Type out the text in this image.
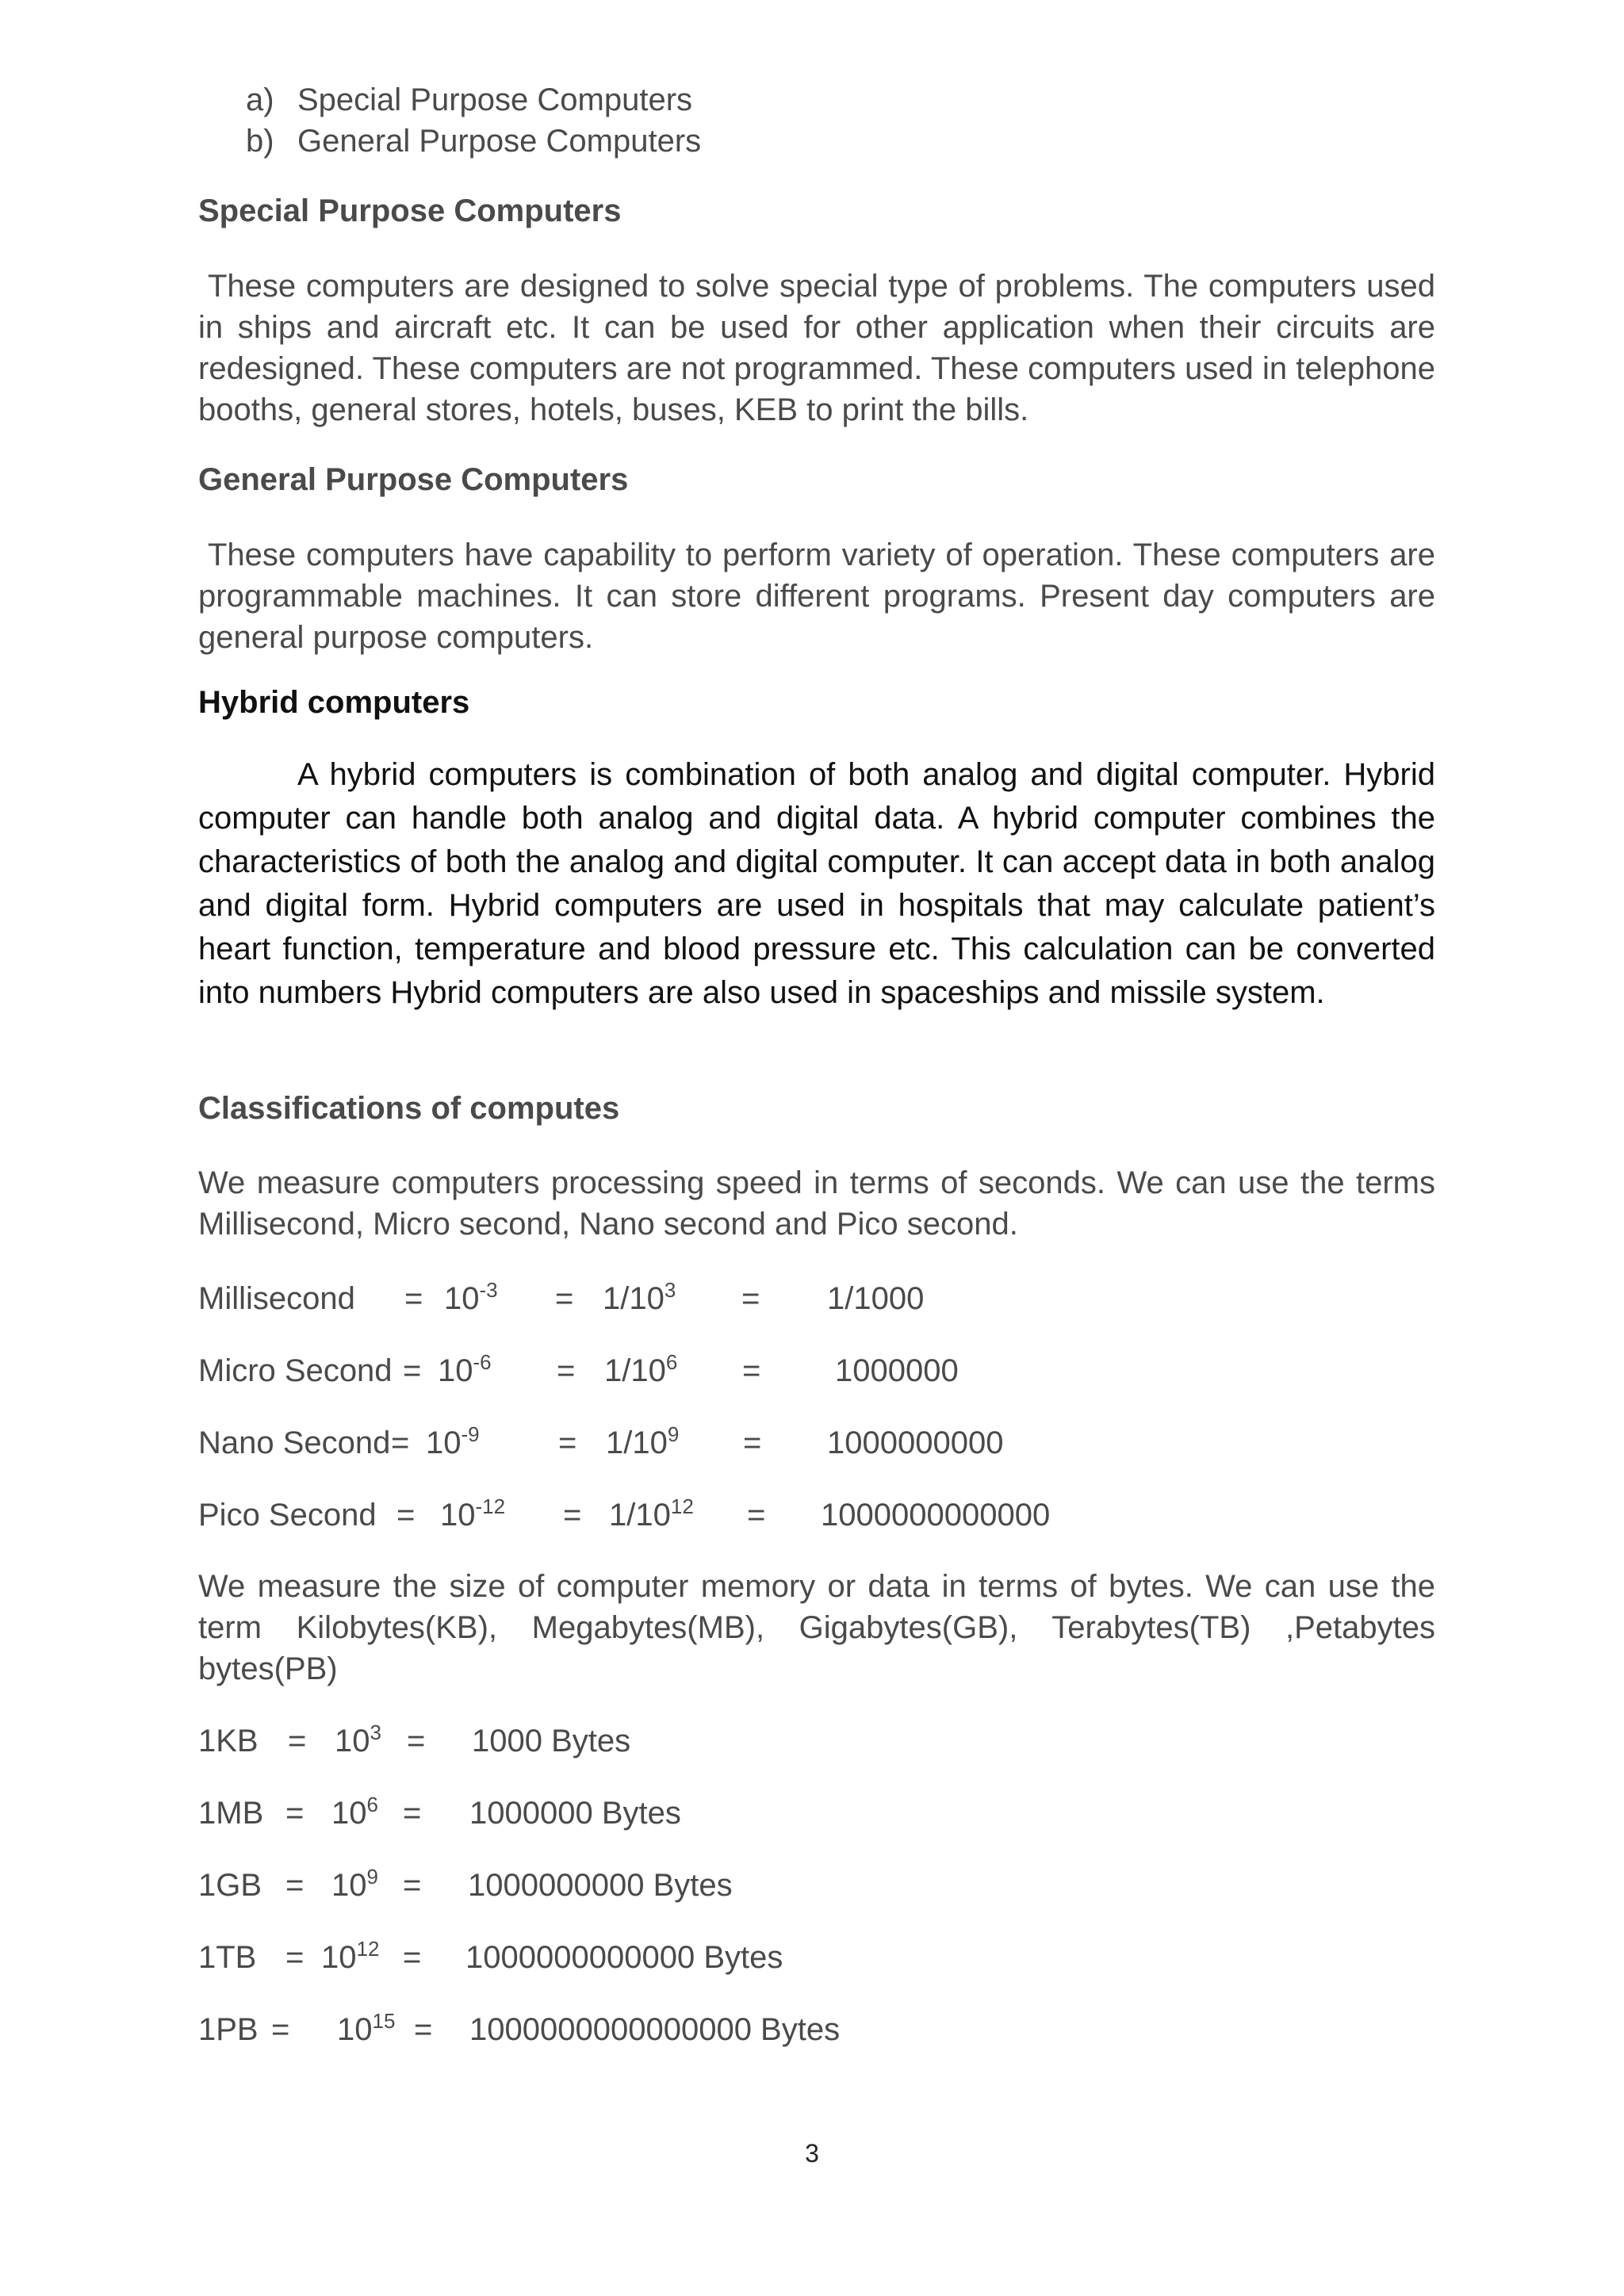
a) Special Purpose Computers
b) General Purpose Computers
Special Purpose Computers
These computers are designed to solve special type of problems. The computers used in ships and aircraft etc. It can be used for other application when their circuits are redesigned. These computers are not programmed. These computers used in telephone booths, general stores, hotels, buses, KEB to print the bills.
General Purpose Computers
These computers have capability to perform variety of operation. These computers are programmable machines. It can store different programs. Present day computers are general purpose computers.
Hybrid computers
A hybrid computers is combination of both analog and digital computer. Hybrid computer can handle both analog and digital data. A hybrid computer combines the characteristics of both the analog and digital computer. It can accept data in both analog and digital form. Hybrid computers are used in hospitals that may calculate patient’s heart function, temperature and blood pressure etc. This calculation can be converted into numbers Hybrid computers are also used in spaceships and missile system.
Classifications of computes
We measure computers processing speed in terms of seconds. We can use the terms Millisecond, Micro second, Nano second and Pico second.
Millisecond = $10^{-3} = 1/10^3 = 1/1000$
Micro Second = $10^{-6} = 1/10^6 = 1000000$
Nano Second = $10^{-9} = 1/10^9 = 1000000000$
Pico Second = $10^{-12} = 1/10^{12} = 1000000000000$
We measure the size of computer memory or data in terms of bytes. We can use the term Kilobytes(KB), Megabytes(MB), Gigabytes(GB), Terabytes(TB) ,Petabytes bytes(PB)
$1KB = 10^3 = 1000$ Bytes
$1MB = 10^6 = 1000000$ Bytes
$1GB = 10^9 = 1000000000$ Bytes
$1TB = 10^{12} = 1000000000000$ Bytes
$1PB = 10^{15} = 1000000000000000$ Bytes
3
